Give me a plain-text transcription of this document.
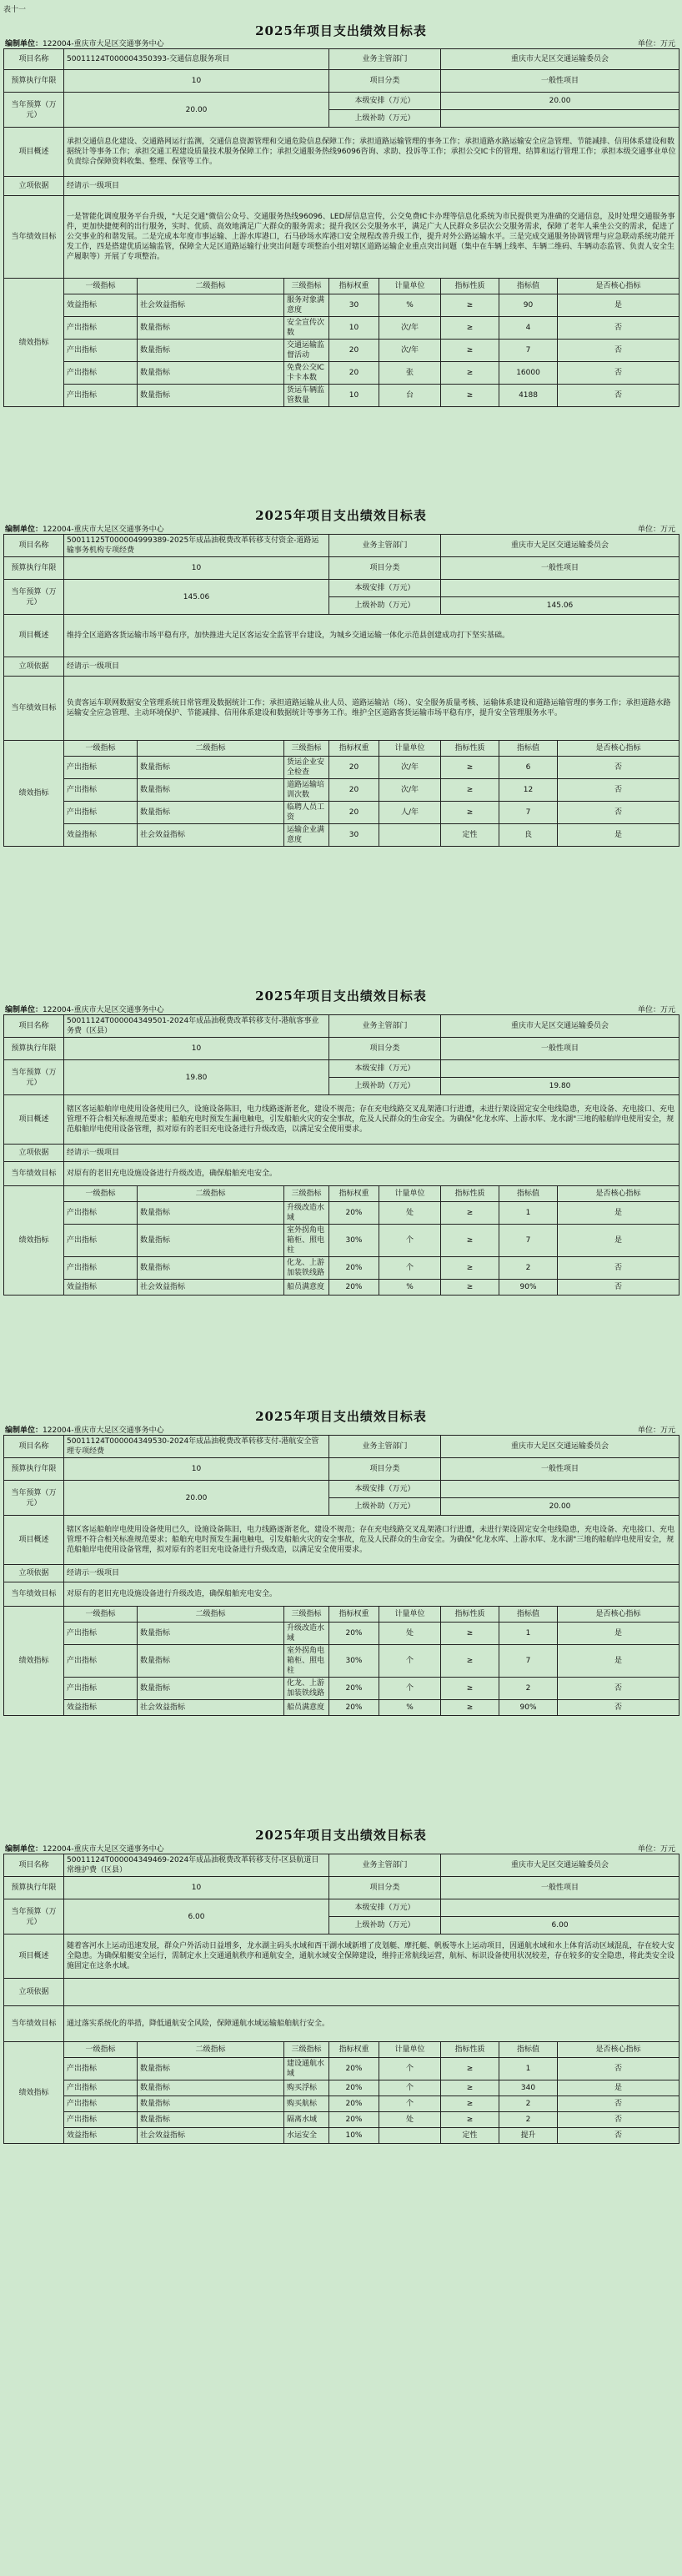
表十一
2025年项目支出绩效目标表
编制单位：122004-重庆市大足区交通事务中心	单位：万元
项目名称	50011124T000004350393-交通信息服务项目			业务主管部门		重庆市大足区交通运输委员会		
预算执行年限	10			项目分类		一般性项目		
当年预算（万元）	20.00			本级安排（万元）		20.00		
				上级补助（万元）				
项目概述	承担交通信息化建设、交通路网运行监测，交通信息资源管理和交通危险信息保障工作；承担道路运输管理的事务工作；承担道路水路运输安全应急管理、节能减排、信用体系建设和数据统计等事务工作；承担交通工程建设质量技术服务保障工作；承担交通服务热线96096咨询、求助、投诉等工作；承担公交IC卡的管理、结算和运行管理工作；承担本级交通事业单位负责综合保障资料收集、整理、保管等工作。							
立项依据	经请示一级项目							
当年绩效目标	一是智能化调度服务平台升级，"大足交通"微信公众号、交通服务热线96096、LED屏信息宣传，公交免费IC卡办理等信息化系统为市民提供更为准确的交通信息，及时处理交通服务事件，更加快捷便利的出行服务，实时、优质、高效地满足广大群众的服务需求；提升我区公交服务水平，满足广大人民群众多层次公交服务需求，保障了老年人乘坐公交的需求，促进了公交事业的和谐发展。二是完成本年度市事运输、上游水库港口，石马砂场水库港口安全规程改善升级工作，提升对外公路运输水平。三是完成交通服务协调管理与应急联动系统功能开发工作，四是搭建优质运输监管，保障全大足区道路运输行业突出问题专项整治小组对辖区道路运输企业重点突出问题（集中在车辆上线率、车辆二维码、车辆动态监管、负责人安全生产履职等）开展了专项整治。							
绩效指标	一级指标	二级指标	三级指标	指标权重	计量单位	指标性质	指标值	是否核心指标
	效益指标	社会效益指标	服务对象满意度	30	%	≥	90	是
	产出指标	数量指标	安全宣传次数	10	次/年	≥	4	否
	产出指标	数量指标	交通运输监督活动	20	次/年	≥	7	否
	产出指标	数量指标	免费公交IC卡卡本数	20	张	≥	16000	否
	产出指标	数量指标	货运车辆监管数量	10	台	≥	4188	否
2025年项目支出绩效目标表
编制单位：122004-重庆市大足区交通事务中心	单位：万元
项目名称	50011125T000004999389-2025年成品油税费改革转移支付资金-道路运输事务机构专项经费			业务主管部门		重庆市大足区交通运输委员会		
预算执行年限	10			项目分类		一般性项目		
当年预算（万元）	145.06			本级安排（万元）				
				上级补助（万元）		145.06		
项目概述	维持全区道路客货运输市场平稳有序，加快推进大足区客运安全监管平台建设，为城乡交通运输一体化示范县创建成功打下坚实基础。							
立项依据	经请示一级项目							
当年绩效目标	负责客运车联网数据安全管理系统日常管理及数据统计工作；承担道路运输从业人员、道路运输站（场）、安全服务质量考核、运输体系建设和道路运输管理的事务工作；承担道路水路运输安全应急管理、主动环境保护、节能减排、信用体系建设和数据统计等事务工作。维护全区道路客货运输市场平稳有序，提升安全管理服务水平。							
绩效指标	一级指标	二级指标	三级指标	指标权重	计量单位	指标性质	指标值	是否核心指标
	产出指标	数量指标	货运企业安全检查	20	次/年	≥	6	否
	产出指标	数量指标	道路运输培训次数	20	次/年	≥	12	否
	产出指标	数量指标	临聘人员工资	20	人/年	≥	7	否
	效益指标	社会效益指标	运输企业满意度	30		定性	良	是
2025年项目支出绩效目标表
编制单位：122004-重庆市大足区交通事务中心	单位：万元
项目名称	50011124T000004349501-2024年成品油税费改革转移支付-港航客事业务费（区县）			业务主管部门		重庆市大足区交通运输委员会		
预算执行年限	10			项目分类		一般性项目		
当年预算（万元）	19.80			本级安排（万元）				
				上级补助（万元）		19.80		
项目概述	辖区客运船舶岸电使用设备使用已久，设施设备陈旧，电力线路逐渐老化，建设不规范；存在充电线路交叉乱架港口行进遭，未进行架设固定安全电线隐患，充电设备、充电接口、充电管理不符合相关标准规范要求；船舶充电时预发生漏电触电，引发船舶火灾的安全事故，危及人民群众的生命安全。为确保"化龙水库、上游水库、龙水湖"三地的船舶岸电使用安全，规范船舶岸电使用设备管理，拟对原有的老旧充电设备进行升级改造，以满足安全使用要求。							
立项依据	经请示一级项目							
当年绩效目标	对原有的老旧充电设施设备进行升级改造，确保船舶充电安全。							
绩效指标	一级指标	二级指标	三级指标	指标权重	计量单位	指标性质	指标值	是否核心指标
	产出指标	数量指标	升级改造水域	20%	处	≥	1	是
	产出指标	数量指标	室外拐角电箱柜、照电柱	30%	个	≥	7	是
	产出指标	数量指标	化龙、上游加装铁线路	20%	个	≥	2	否
	效益指标	社会效益指标	船员满意度	20%	%	≥	90%	否
2025年项目支出绩效目标表
编制单位：122004-重庆市大足区交通事务中心	单位：万元
项目名称	50011124T000004349530-2024年成品油税费改革转移支付-港航安全管理专项经费			业务主管部门		重庆市大足区交通运输委员会		
预算执行年限	10			项目分类		一般性项目		
当年预算（万元）	20.00			本级安排（万元）				
				上级补助（万元）		20.00		
项目概述	辖区客运船舶岸电使用设备使用已久，设施设备陈旧，电力线路逐渐老化，建设不规范；存在充电线路交叉乱架港口行进遭，未进行架设固定安全电线隐患，充电设备、充电接口、充电管理不符合相关标准规范要求；船舶充电时预发生漏电触电，引发船舶火灾的安全事故，危及人民群众的生命安全。为确保"化龙水库、上游水库、龙水湖"三地的船舶岸电使用安全，规范船舶岸电使用设备管理，拟对原有的老旧充电设备进行升级改造，以满足安全使用要求。							
立项依据	经请示一级项目							
当年绩效目标	对原有的老旧充电设施设备进行升级改造，确保船舶充电安全。							
绩效指标	一级指标	二级指标	三级指标	指标权重	计量单位	指标性质	指标值	是否核心指标
	产出指标	数量指标	升级改造水域	20%	处	≥	1	是
	产出指标	数量指标	室外拐角电箱柜、照电柱	30%	个	≥	7	是
	产出指标	数量指标	化龙、上游加装铁线路	20%	个	≥	2	否
	效益指标	社会效益指标	船员满意度	20%	%	≥	90%	否
2025年项目支出绩效目标表
编制单位：122004-重庆市大足区交通事务中心	单位：万元
项目名称	50011124T000004349469-2024年成品油税费改革转移支付-区县航道日常维护费（区县）			业务主管部门		重庆市大足区交通运输委员会		
预算执行年限	10			项目分类		一般性项目		
当年预算（万元）	6.00			本级安排（万元）				
				上级补助（万元）		6.00		
项目概述	随着客河水上运动迅速发展，群众户外活动日益增多，龙水湖主码头水域和西干湖水域新增了皮划艇、摩托艇、帆板等水上运动项目，因通航水域和水上体育活动区域混乱，存在较大安全隐患。为确保船艇安全运行，需制定水上交通通航秩序和通航安全，通航水域安全保障建设，维持正常航线运营，航标、标识设备使用状况较差，存在较多的安全隐患，将此类安全设施固定在这条水域。							
立项依据								
当年绩效目标	通过落实系统化的举措，降低通航安全风险，保障通航水域运输船舶航行安全。							
绩效指标	一级指标	二级指标	三级指标	指标权重	计量单位	指标性质	指标值	是否核心指标
	产出指标	数量指标	建设通航水域	20%	个	≥	1	否
	产出指标	数量指标	购买浮标	20%	个	≥	340	是
	产出指标	数量指标	购买航标	20%	个	≥	2	否
	产出指标	数量指标	隔离水域	20%	处	≥	2	否
	效益指标	社会效益指标	水运安全	10%		定性	提升	否
